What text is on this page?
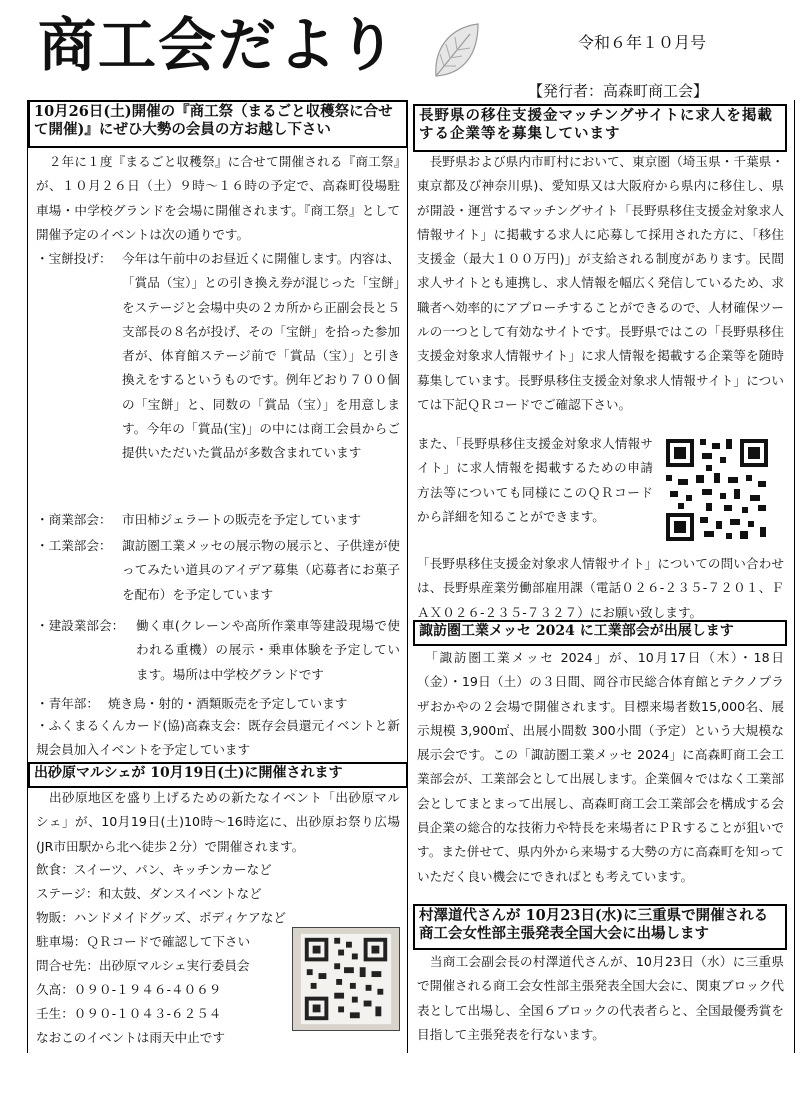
商工会だより	令和６年１０月号
【発行者：高森町商工会】
10月26日(土)開催の『商工祭（まるごと収穫祭に合せて開催)』にぜひ大勢の会員の方お越し下さい
　２年に１度『まるごと収穫祭』に合せて開催される『商工祭』が、１０月２６日（土）９時～１６時の予定で、高森町役場駐車場・中学校グランドを会場に開催されます。『商工祭』として開催予定のイベントは次の通りです。
・宝餅投げ： 今年は午前中のお昼近くに開催します。内容は、「賞品（宝）」との引き換え券が混じった「宝餅」をステージと会場中央の２カ所から正副会長と５支部長の８名が投げ、その「宝餅」を拾った参加者が、体育館ステージ前で「賞品（宝）」と引き換えをするというものです。例年どおり７００個の「宝餅」と、同数の「賞品（宝）」を用意します。今年の「賞品(宝)」の中には商工会員からご提供いただいた賞品が多数含まれています
・商業部会： 市田柿ジェラートの販売を予定しています
・工業部会： 諏訪圏工業メッセの展示物の展示と、子供達が使ってみたい道具のアイデア募集（応募者にお菓子を配布）を予定しています
・建設業部会： 働く車(クレーンや高所作業車等建設現場で使われる重機）の展示・乗車体験を予定しています。場所は中学校グランドです
・青年部： 焼き鳥・射的・酒類販売を予定しています
・ふくまるくんカード(協)高森支会：既存会員還元イベントと新規会員加入イベントを予定しています
出砂原マルシェが 10月19日(土)に開催されます
　出砂原地区を盛り上げるための新たなイベント「出砂原マルシェ」が、10月19日(土)10時～16時迄に、出砂原お祭り広場(JR市田駅から北へ徒歩２分）で開催されます。
飲食：スイーツ、パン、キッチンカーなど
ステージ：和太鼓、ダンスイベントなど
物販：ハンドメイドグッズ、ボディケアなど
駐車場：ＱＲコードで確認して下さい
問合せ先：出砂原マルシェ実行委員会
久高：０９０-１９４６-４０６９
壬生：０９０-１０４３-６２５４
なおこのイベントは雨天中止です
長野県の移住支援金マッチングサイトに求人を掲載する企業等を募集しています
　長野県および県内市町村において、東京圏（埼玉県・千葉県・東京都及び神奈川県)、愛知県又は大阪府から県内に移住し、県が開設・運営するマッチングサイト「長野県移住支援金対象求人情報サイト」に掲載する求人に応募して採用された方に、「移住支援金（最大１００万円)」が支給される制度があります。民間求人サイトとも連携し、求人情報を幅広く発信しているため、求職者へ効率的にアプローチすることができるので、人材確保ツールの一つとして有効なサイトです。長野県ではこの「長野県移住支援金対象求人情報サイト」に求人情報を掲載する企業等を随時募集しています。長野県移住支援金対象求人情報サイト」については下記ＱＲコードでご確認下さい。
また、「長野県移住支援金対象求人情報サイト」に求人情報を掲載するための申請方法等についても同様にこのＱＲコードから詳細を知ることができます。
「長野県移住支援金対象求人情報サイト」についての問い合わせは、長野県産業労働部雇用課（電話０２６-２３５-７２０１、ＦＡＸ０２６-２３５-７３２７）にお願い致します。
諏訪圏工業メッセ 2024 に工業部会が出展します
　「諏訪圏工業メッセ 2024」が、10月17日（木）・18日（金）・19日（土）の３日間、岡谷市民総合体育館とテクノプラザおかやの２会場で開催されます。目標来場者数15,000名、展示規模 3,900㎡、出展小間数 300小間（予定）という大規模な展示会です。この「諏訪圏工業メッセ 2024」に高森町商工会工業部会が、工業部会として出展します。企業個々ではなく工業部会としてまとまって出展し、高森町商工会工業部会を構成する会員企業の総合的な技術力や特長を来場者にＰＲすることが狙いです。また併せて、県内外から来場する大勢の方に高森町を知っていただく良い機会にできればとも考えています。
村澤道代さんが 10月23日(水)に三重県で開催される商工会女性部主張発表全国大会に出場します
　当商工会副会長の村澤道代さんが、10月23日（水）に三重県で開催される商工会女性部主張発表全国大会に、関東ブロック代表として出場し、全国６ブロックの代表者らと、全国最優秀賞を目指して主張発表を行ないます。
